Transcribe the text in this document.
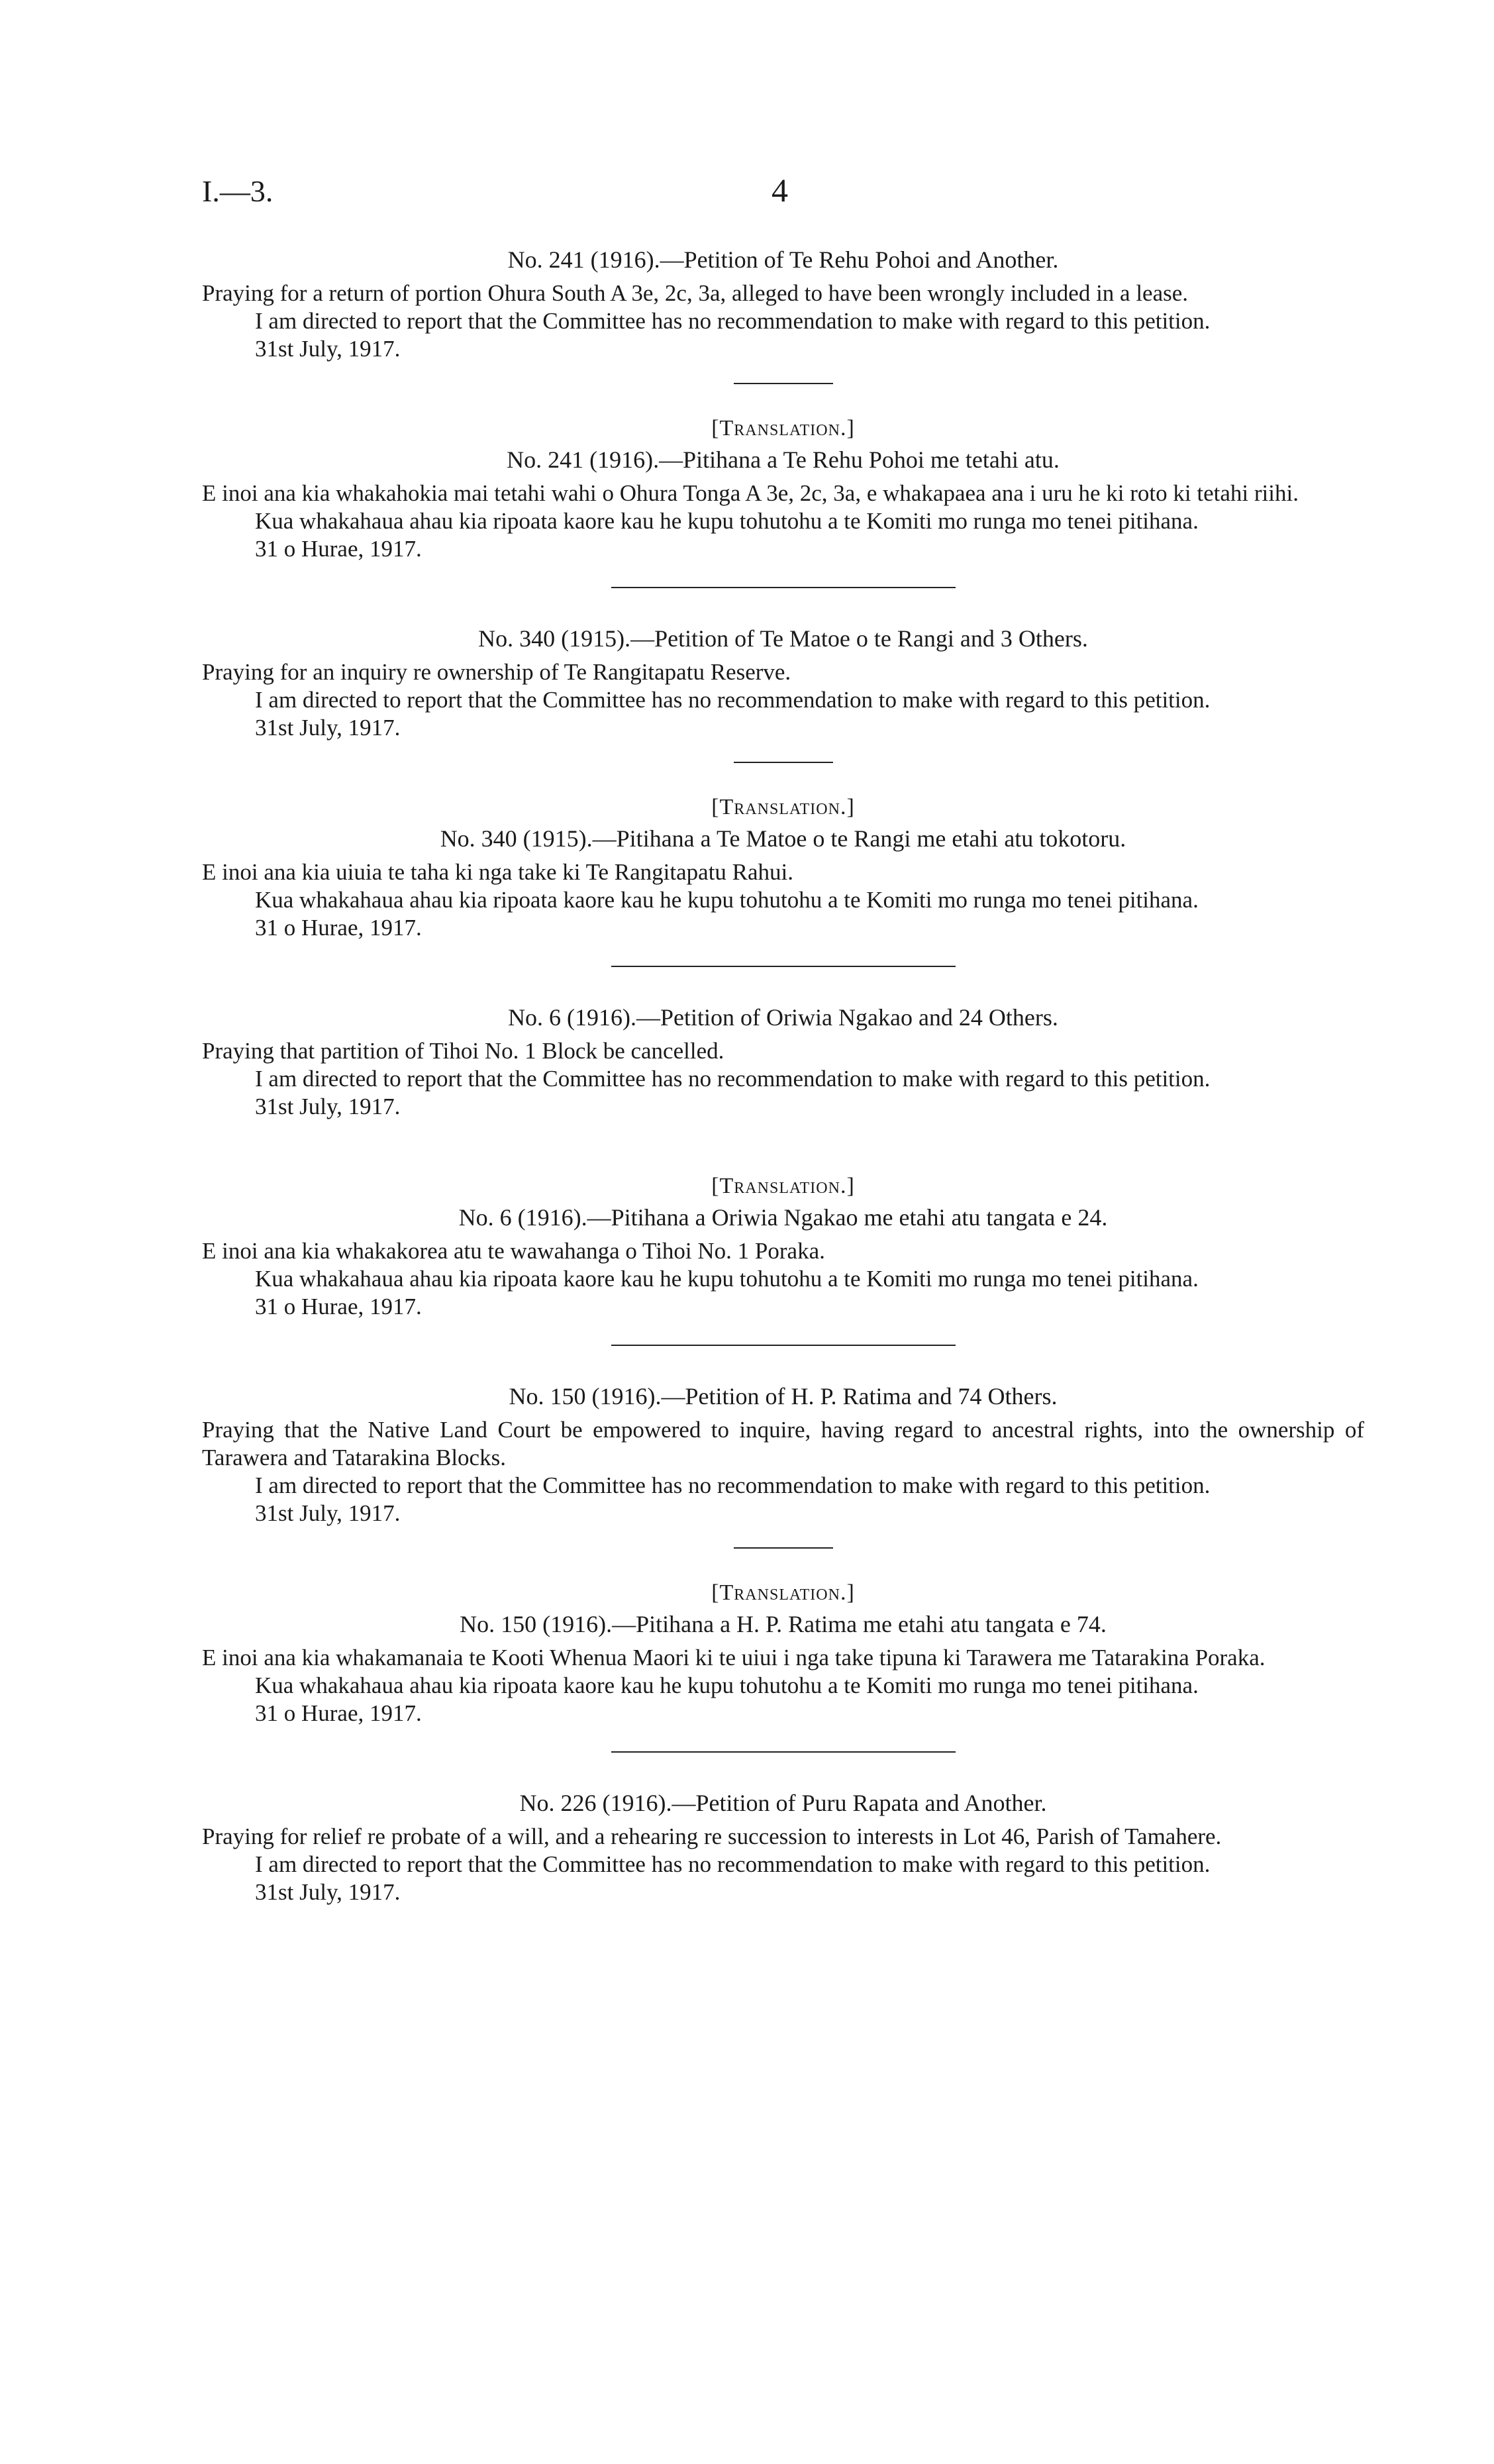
I.—3.	4

No. 241 (1916).—Petition of Te Rehu Pohoi and Another.

Praying for a return of portion Ohura South A 3e, 2c, 3a, alleged to have been wrongly included in a lease.

I am directed to report that the Committee has no recommendation to make with regard to this petition.

31st July, 1917.

[Translation.]

No. 241 (1916).—Pitihana a Te Rehu Pohoi me tetahi atu.

E inoi ana kia whakahokia mai tetahi wahi o Ohura Tonga A 3e, 2c, 3a, e whakapaea ana i uru he ki roto ki tetahi riihi.

Kua whakahaua ahau kia ripoata kaore kau he kupu tohutohu a te Komiti mo runga mo tenei pitihana.

31 o Hurae, 1917.

No. 340 (1915).—Petition of Te Matoe o te Rangi and 3 Others.

Praying for an inquiry re ownership of Te Rangitapatu Reserve.

I am directed to report that the Committee has no recommendation to make with regard to this petition.

31st July, 1917.

[Translation.]

No. 340 (1915).—Pitihana a Te Matoe o te Rangi me etahi atu tokotoru.

E inoi ana kia uiuia te taha ki nga take ki Te Rangitapatu Rahui.

Kua whakahaua ahau kia ripoata kaore kau he kupu tohutohu a te Komiti mo runga mo tenei pitihana.

31 o Hurae, 1917.

No. 6 (1916).—Petition of Oriwia Ngakao and 24 Others.

Praying that partition of Tihoi No. 1 Block be cancelled.

I am directed to report that the Committee has no recommendation to make with regard to this petition.

31st July, 1917.

[Translation.]

No. 6 (1916).—Pitihana a Oriwia Ngakao me etahi atu tangata e 24.

E inoi ana kia whakakorea atu te wawahanga o Tihoi No. 1 Poraka.

Kua whakahaua ahau kia ripoata kaore kau he kupu tohutohu a te Komiti mo runga mo tenei pitihana.

31 o Hurae, 1917.

No. 150 (1916).—Petition of H. P. Ratima and 74 Others.

Praying that the Native Land Court be empowered to inquire, having regard to ancestral rights, into the ownership of Tarawera and Tatarakina Blocks.

I am directed to report that the Committee has no recommendation to make with regard to this petition.

31st July, 1917.

[Translation.]

No. 150 (1916).—Pitihana a H. P. Ratima me etahi atu tangata e 74.

E inoi ana kia whakamanaia te Kooti Whenua Maori ki te uiui i nga take tipuna ki Tarawera me Tatarakina Poraka.

Kua whakahaua ahau kia ripoata kaore kau he kupu tohutohu a te Komiti mo runga mo tenei pitihana.

31 o Hurae, 1917.

No. 226 (1916).—Petition of Puru Rapata and Another.

Praying for relief re probate of a will, and a rehearing re succession to interests in Lot 46, Parish of Tamahere.

I am directed to report that the Committee has no recommendation to make with regard to this petition.

31st July, 1917.
